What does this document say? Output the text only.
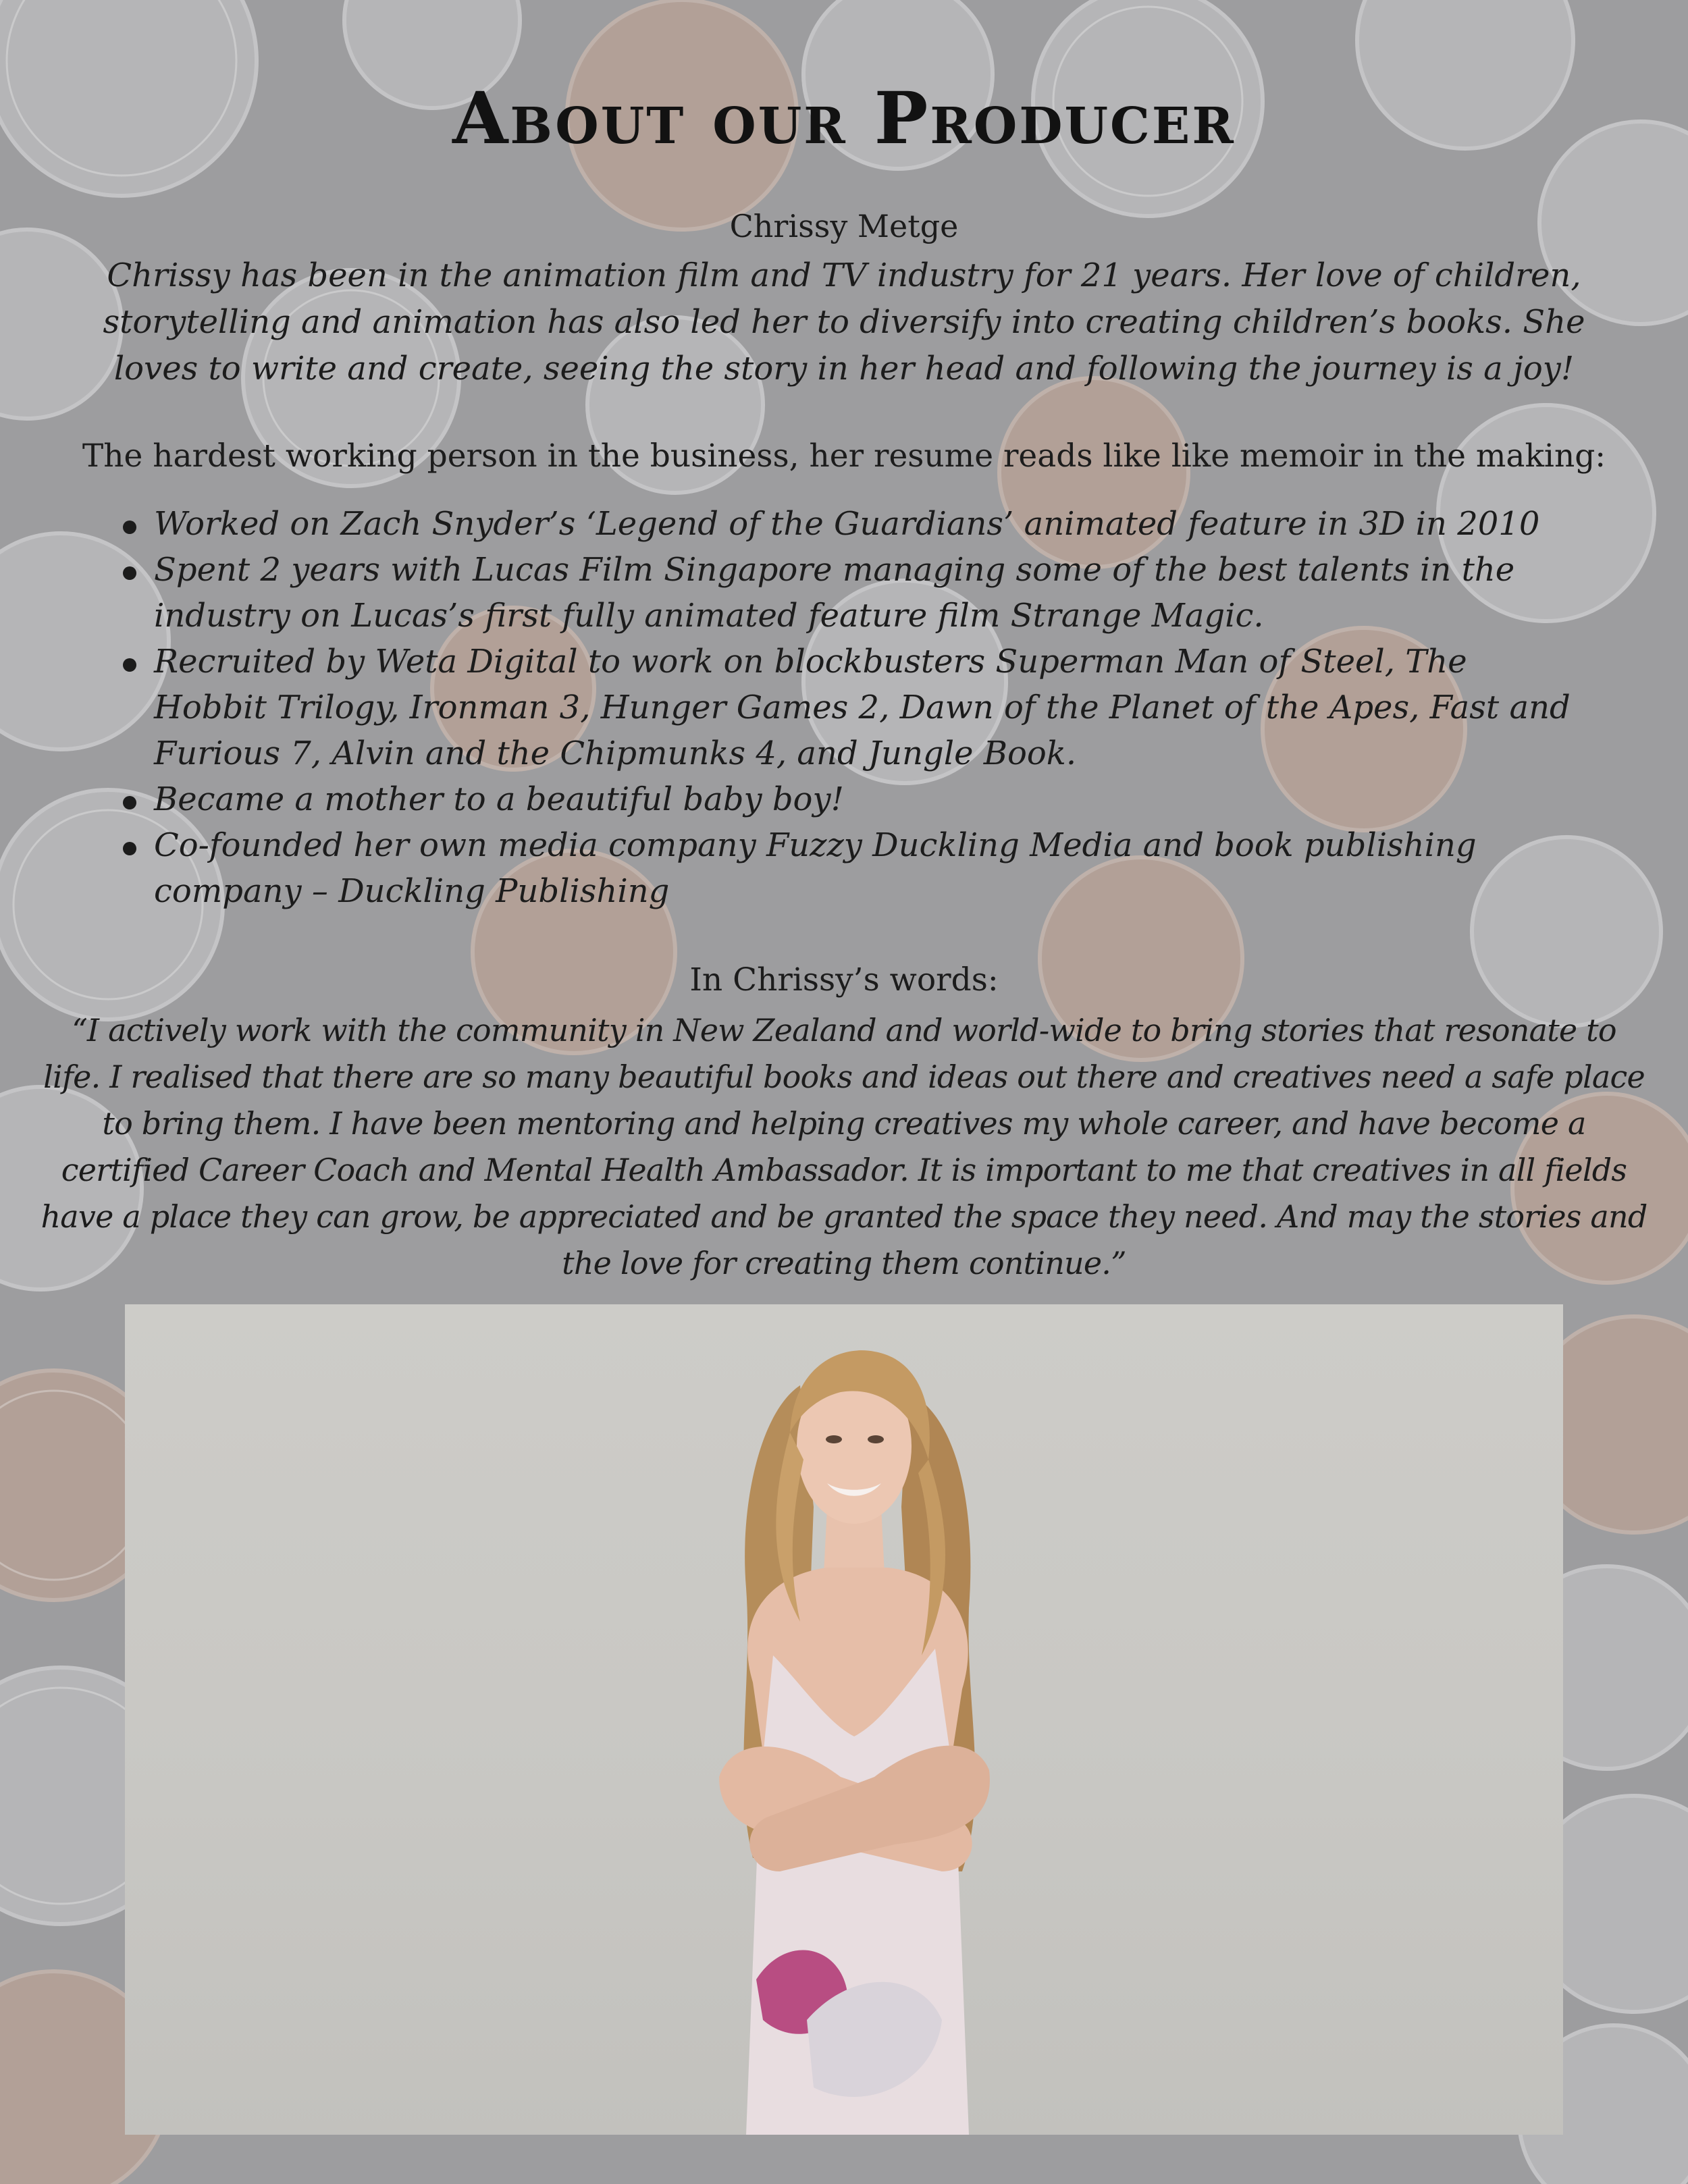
About our Producer

Chrissy Metge

Chrissy has been in the animation film and TV industry for 21 years. Her love of children, storytelling and animation has also led her to diversify into creating children’s books. She loves to write and create, seeing the story in her head and following the journey is a joy!

The hardest working person in the business, her resume reads like like memoir in the making:

Worked on Zach Snyder’s ‘Legend of the Guardians’ animated feature in 3D in 2010
Spent 2 years with Lucas Film Singapore managing some of the best talents in the industry on Lucas’s first fully animated feature film Strange Magic.
Recruited by Weta Digital to work on blockbusters Superman Man of Steel, The Hobbit Trilogy, Ironman 3, Hunger Games 2, Dawn of the Planet of the Apes, Fast and Furious 7, Alvin and the Chipmunks 4, and Jungle Book.
Became a mother to a beautiful baby boy!
Co-founded her own media company Fuzzy Duckling Media and book publishing company – Duckling Publishing

In Chrissy’s words:

“I actively work with the community in New Zealand and world-wide to bring stories that resonate to life. I realised that there are so many beautiful books and ideas out there and creatives need a safe place to bring them. I have been mentoring and helping creatives my whole career, and have become a certified Career Coach and Mental Health Ambassador. It is important to me that creatives in all fields have a place they can grow, be appreciated and be granted the space they need. And may the stories and the love for creating them continue.”
